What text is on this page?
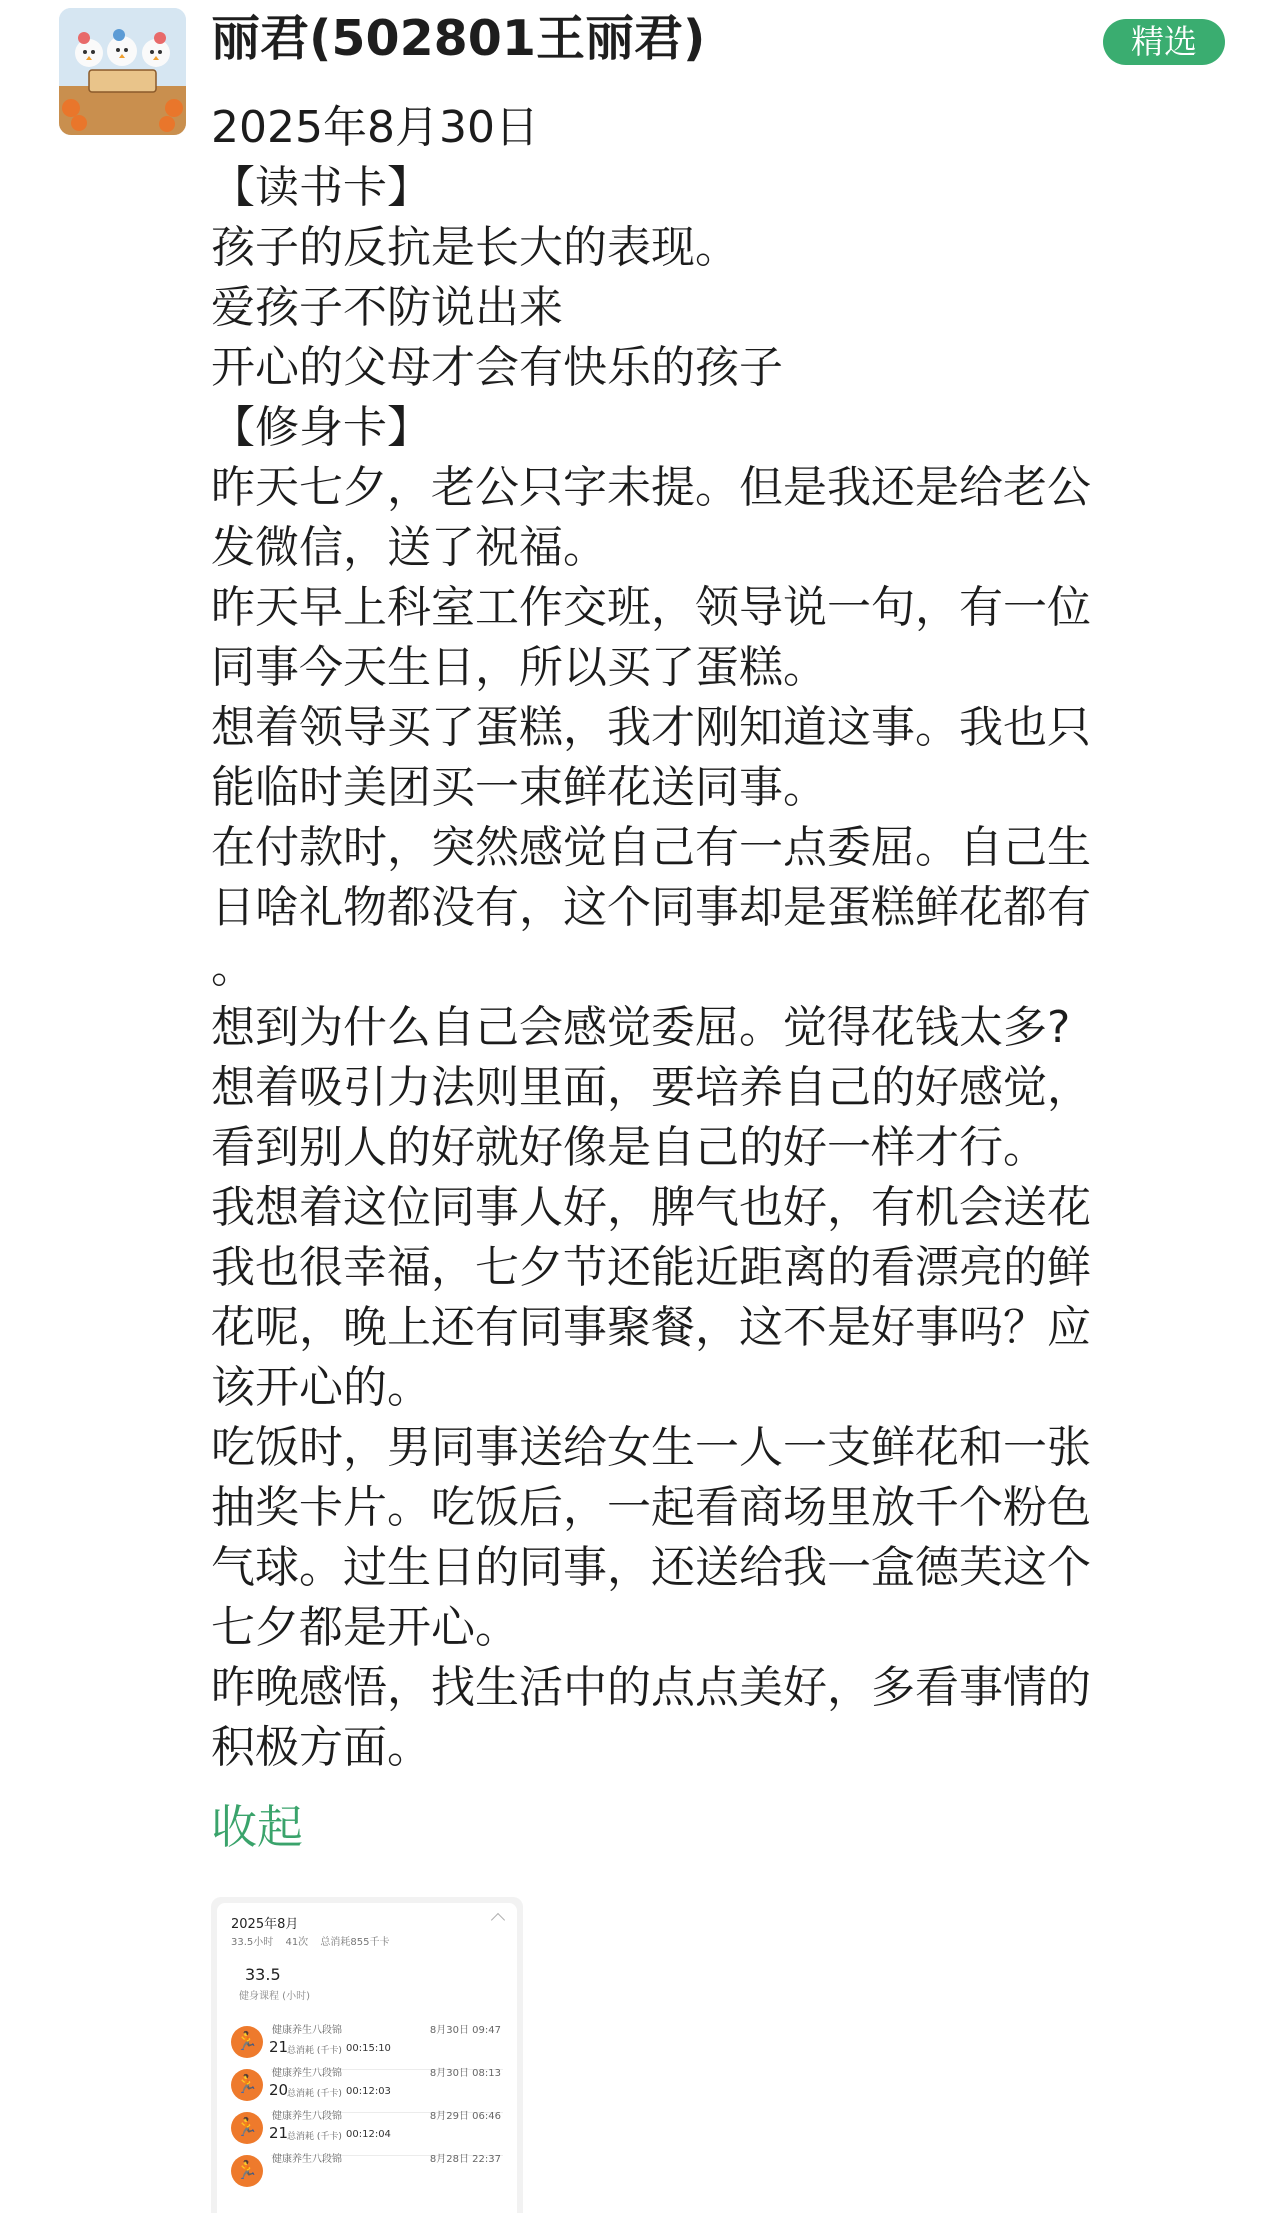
丽君(502801王丽君)	精选
2025年8月30日
【读书卡】
孩子的反抗是长大的表现。
爱孩子不防说出来
开心的父母才会有快乐的孩子
【修身卡】
昨天七夕，老公只字未提。但是我还是给老公
发微信，送了祝福。
昨天早上科室工作交班，领导说一句，有一位
同事今天生日，所以买了蛋糕。
想着领导买了蛋糕，我才刚知道这事。我也只
能临时美团买一束鲜花送同事。
在付款时，突然感觉自己有一点委屈。自己生
日啥礼物都没有，这个同事却是蛋糕鲜花都有
。
想到为什么自己会感觉委屈。觉得花钱太多?
想着吸引力法则里面，要培养自己的好感觉，
看到别人的好就好像是自己的好一样才行。
我想着这位同事人好，脾气也好，有机会送花
我也很幸福，七夕节还能近距离的看漂亮的鲜
花呢，晚上还有同事聚餐，这不是好事吗？应
该开心的。
吃饭时，男同事送给女生一人一支鲜花和一张
抽奖卡片。吃饭后，一起看商场里放千个粉色
气球。过生日的同事，还送给我一盒德芙这个
七夕都是开心。
昨晚感悟，找生活中的点点美好，多看事情的
积极方面。
收起
2025年8月
33.5小时 41次 总消耗855千卡
33.5
健身课程 (小时)
🏃
健康养生八段锦	8月30日 09:47
21
总消耗 (千卡) 00:15:10
🏃
健康养生八段锦	8月30日 08:13
20
总消耗 (千卡) 00:12:03
🏃
健康养生八段锦	8月29日 06:46
21
总消耗 (千卡) 00:12:04
🏃
健康养生八段锦	8月28日 22:37
